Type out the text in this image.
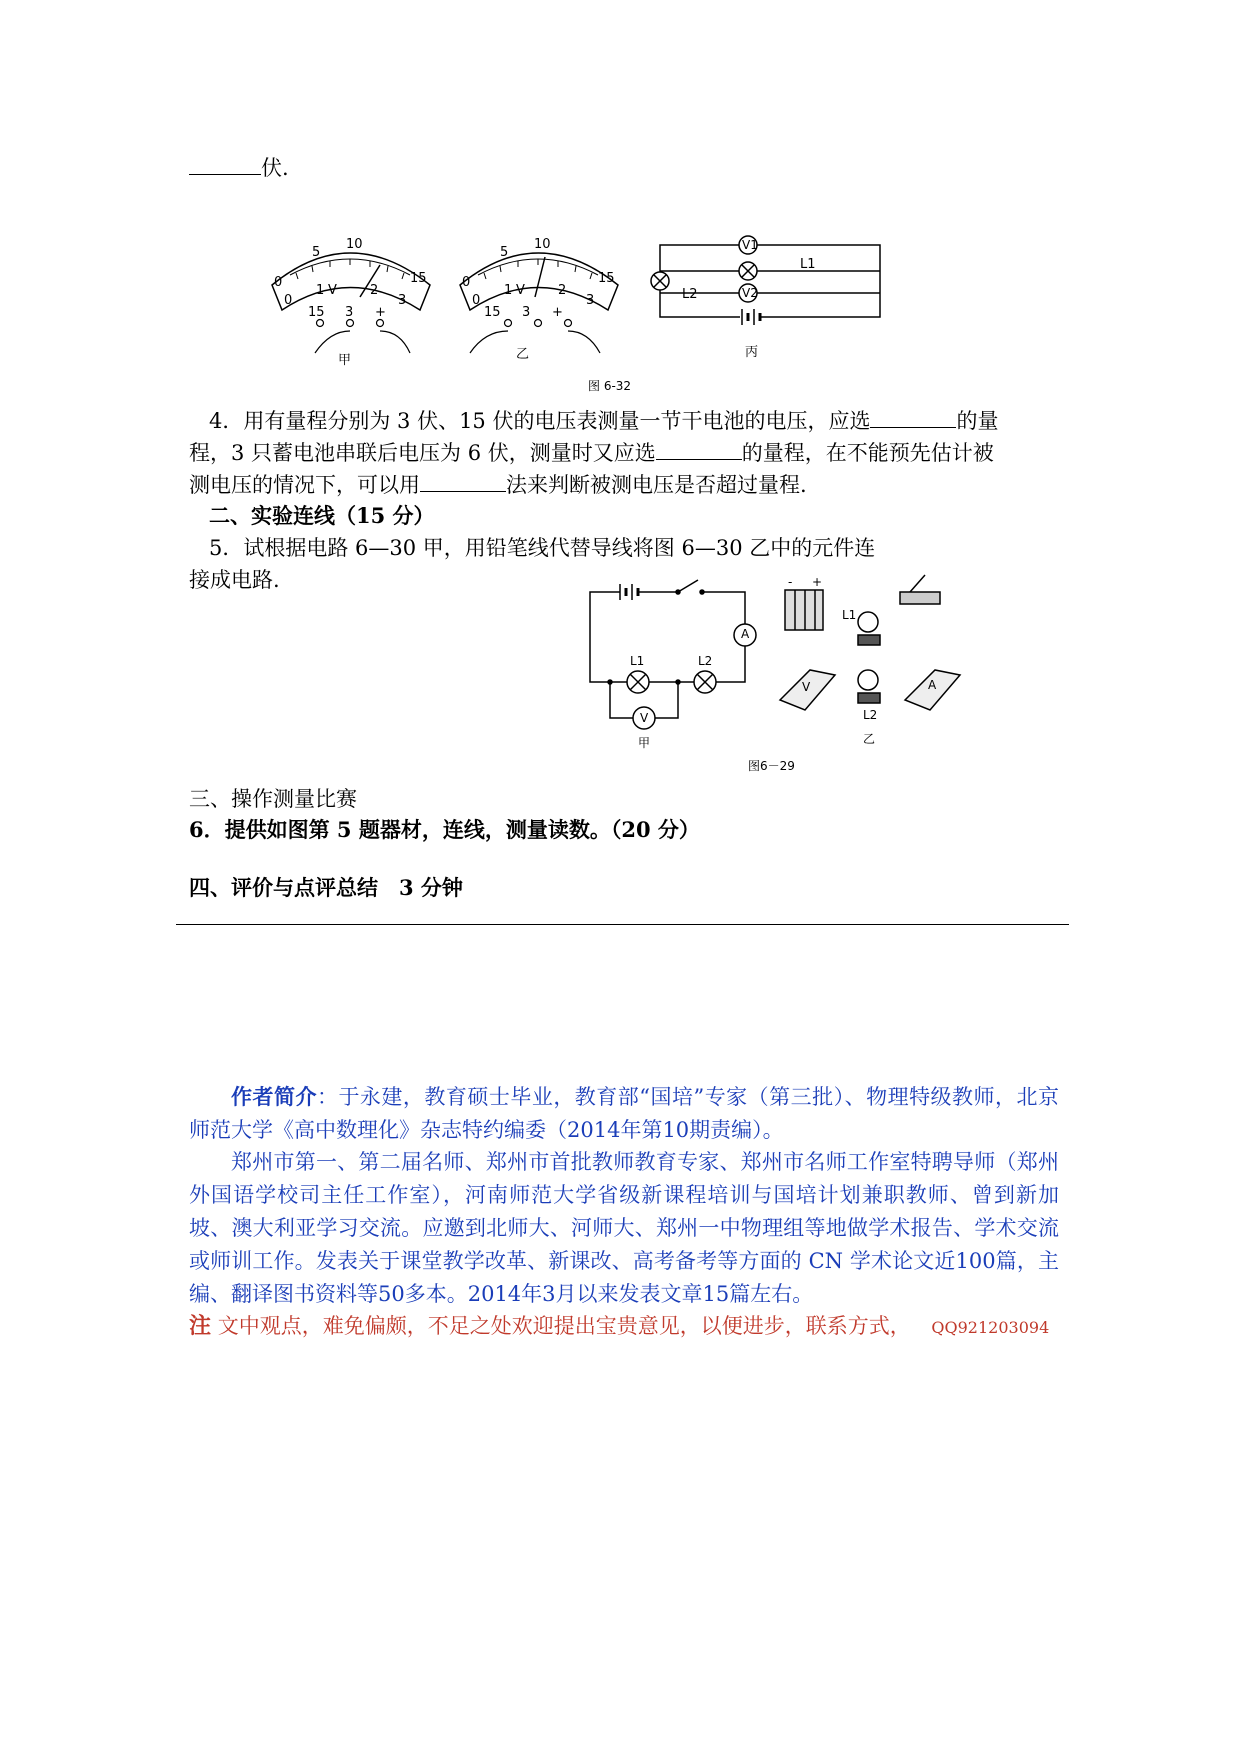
伏.
0
5
10
15
0
1 V	2
3
15 3 +
甲
0
5
10
15
0
1 V	2
3
15 3 +
乙
V1
L1
V2
L2
丙
图 6-32
4．用有量程分别为 3 伏、15 伏的电压表测量一节干电池的电压，应选	的量
程，3 只蓄电池串联后电压为 6 伏，测量时又应选	的量程，在不能预先估计被
测电压的情况下，可以用	法来判断被测电压是否超过量程.
二、实验连线（15 分）
5．试根据电路 6—30 甲，用铅笔线代替导线将图 6—30 乙中的元件连
接成电路.
A
L1	L2
V
甲
- +
L1
L2
V	A
乙
图6－29
三、操作测量比赛
6．提供如图第 5 题器材，连线，测量读数。（20 分）
四、评价与点评总结　3 分钟
作者简介：于永建，教育硕士毕业，教育部“国培”专家（第三批）、物理特级教师，北京师范大学《高中数理化》杂志特约编委（2014年第10期责编）。
郑州市第一、第二届名师、郑州市首批教师教育专家、郑州市名师工作室特聘导师（郑州外国语学校司主任工作室），河南师范大学省级新课程培训与国培计划兼职教师、曾到新加坡、澳大利亚学习交流。应邀到北师大、河师大、郑州一中物理组等地做学术报告、学术交流或师训工作。发表关于课堂教学改革、新课改、高考备考等方面的 CN 学术论文近100篇，主编、翻译图书资料等50多本。2014年3月以来发表文章15篇左右。
注 文中观点，难免偏颇，不足之处欢迎提出宝贵意见，以便进步，联系方式， QQ921203094
